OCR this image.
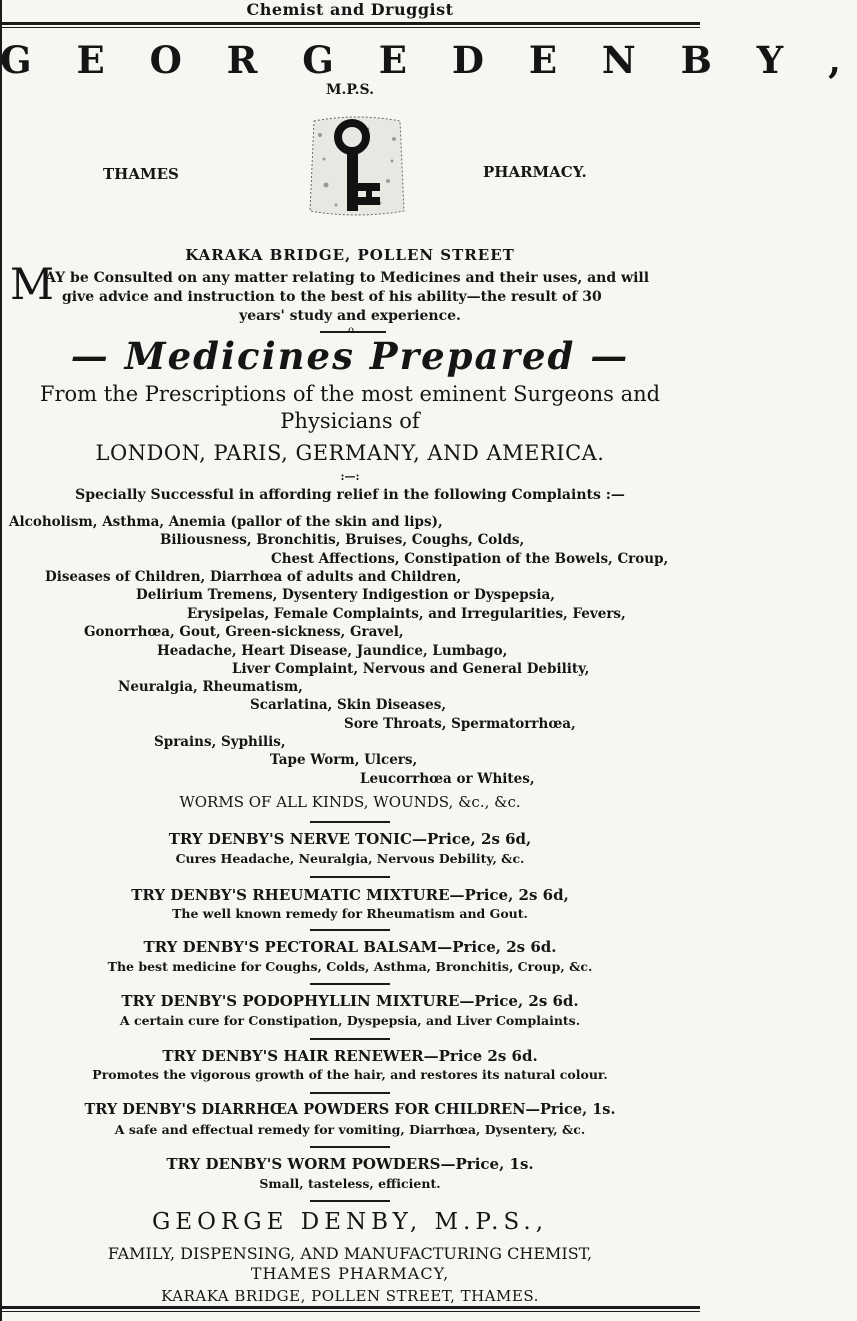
Chemist and Druggist
G E O R G E D E N B Y ,
M.P.S.
THAMES	PHARMACY.
KARAKA BRIDGE, POLLEN STREET
M
AY be Consulted on any matter relating to Medicines and their uses, and will
give advice and instruction to the best of his ability—the result of 30
years' study and experience.
o
— Medicines Prepared —
From the Prescriptions of the most eminent Surgeons and
Physicians of
LONDON, PARIS, GERMANY, AND AMERICA.
:—:
Specially Successful in affording relief in the following Complaints :—
Alcoholism, Asthma, Anemia (pallor of the skin and lips),
Biliousness, Bronchitis, Bruises, Coughs, Colds,
Chest Affections, Constipation of the Bowels, Croup,
Diseases of Children, Diarrhœa of adults and Children,
Delirium Tremens, Dysentery Indigestion or Dyspepsia,
Erysipelas, Female Complaints, and Irregularities, Fevers,
Gonorrhœa, Gout, Green-sickness, Gravel,
Headache, Heart Disease, Jaundice, Lumbago,
Liver Complaint, Nervous and General Debility,
Neuralgia, Rheumatism,
Scarlatina, Skin Diseases,
Sore Throats, Spermatorrhœa,
Sprains, Syphilis,
Tape Worm, Ulcers,
Leucorrhœa or Whites,
WORMS OF ALL KINDS, WOUNDS, &c., &c.
TRY DENBY'S NERVE TONIC—Price, 2s 6d,
Cures Headache, Neuralgia, Nervous Debility, &c.
TRY DENBY'S RHEUMATIC MIXTURE—Price, 2s 6d,
The well known remedy for Rheumatism and Gout.
TRY DENBY'S PECTORAL BALSAM—Price, 2s 6d.
The best medicine for Coughs, Colds, Asthma, Bronchitis, Croup, &c.
TRY DENBY'S PODOPHYLLIN MIXTURE—Price, 2s 6d.
A certain cure for Constipation, Dyspepsia, and Liver Complaints.
TRY DENBY'S HAIR RENEWER—Price 2s 6d.
Promotes the vigorous growth of the hair, and restores its natural colour.
TRY DENBY'S DIARRHŒA POWDERS FOR CHILDREN—Price, 1s.
A safe and effectual remedy for vomiting, Diarrhœa, Dysentery, &c.
TRY DENBY'S WORM POWDERS—Price, 1s.
Small, tasteless, efficient.
GEORGE DENBY, M.P.S.,
FAMILY, DISPENSING, AND MANUFACTURING CHEMIST,
THAMES PHARMACY,
KARAKA BRIDGE, POLLEN STREET, THAMES.
